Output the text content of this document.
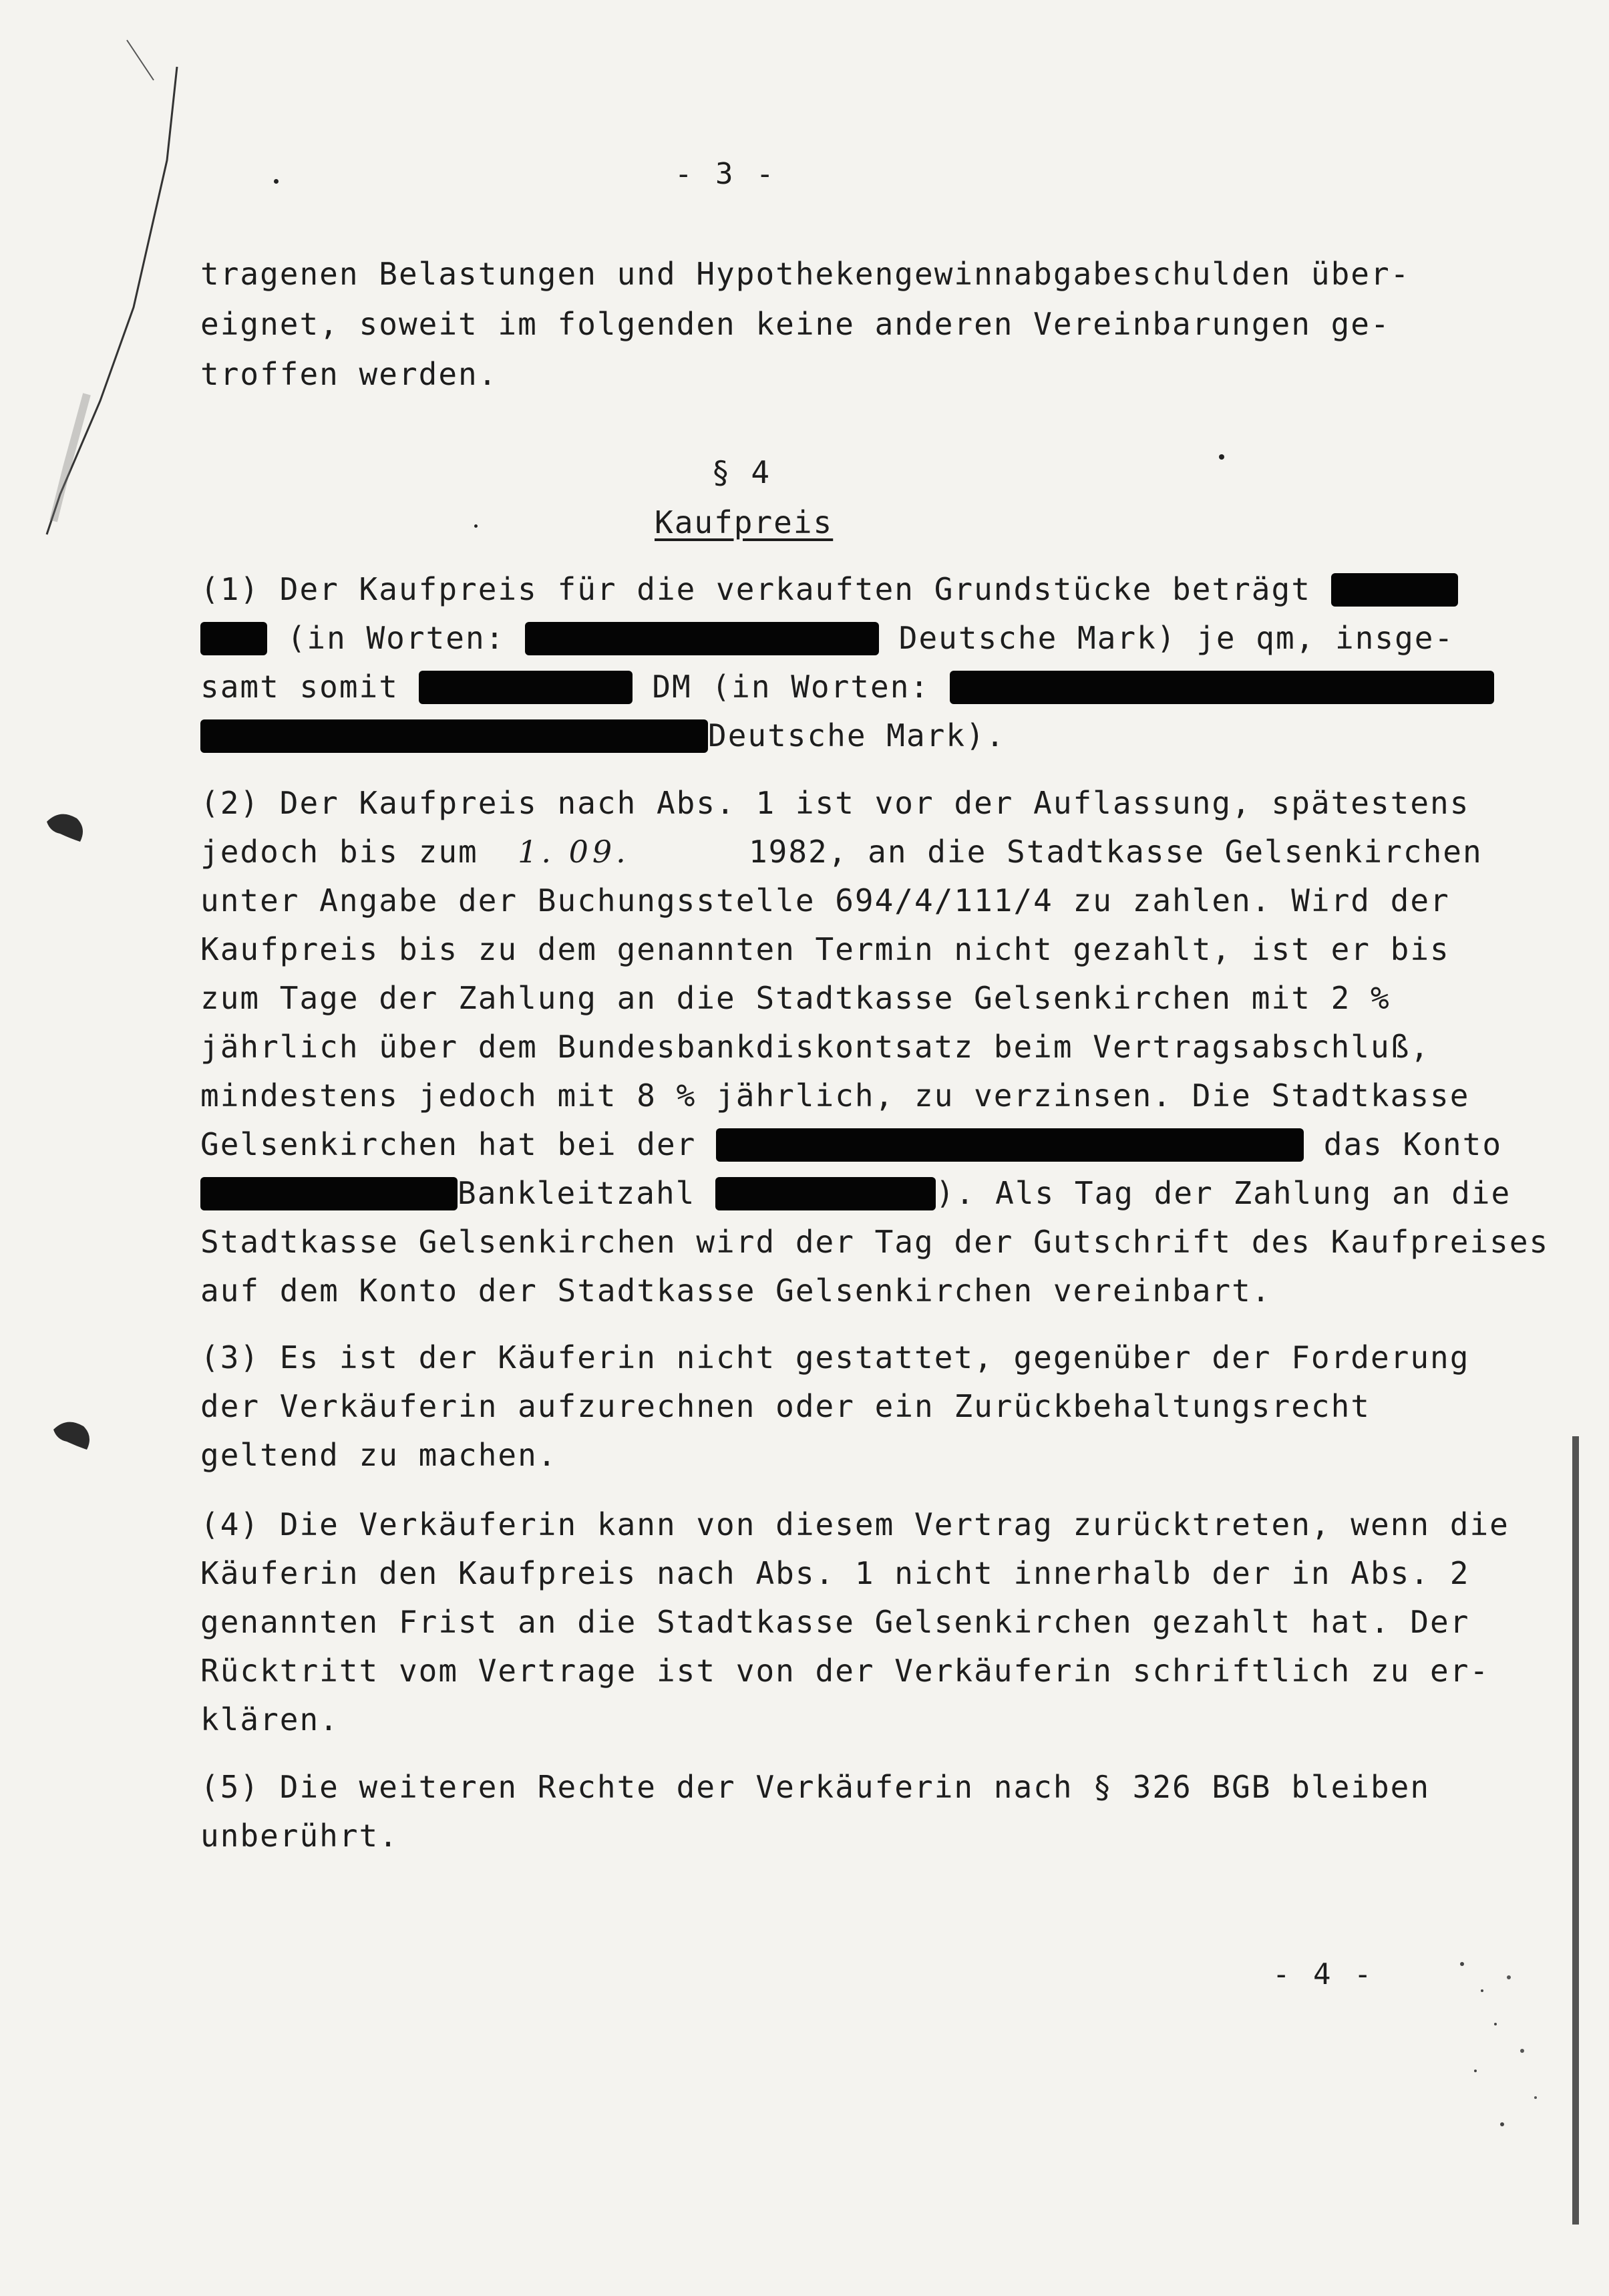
- 3 -
tragenen Belastungen und Hypothekengewinnabgabeschulden über-
eignet, soweit im folgenden keine anderen Vereinbarungen ge-
troffen werden.
§ 4
Kaufpreis
(1) Der Kaufpreis für die verkauften Grundstücke beträgt
(in Worten:	Deutsche Mark) je qm, insge-
samt somit	DM (in Worten:
Deutsche Mark).
(2) Der Kaufpreis nach Abs. 1 ist vor der Auflassung, spätestens
jedoch bis zum 1. 09.	1982, an die Stadtkasse Gelsenkirchen
unter Angabe der Buchungsstelle 694/4/111/4 zu zahlen. Wird der
Kaufpreis bis zu dem genannten Termin nicht gezahlt, ist er bis
zum Tage der Zahlung an die Stadtkasse Gelsenkirchen mit 2 %
jährlich über dem Bundesbankdiskontsatz beim Vertragsabschluß,
mindestens jedoch mit 8 % jährlich, zu verzinsen. Die Stadtkasse
Gelsenkirchen hat bei der	das Konto
Bankleitzahl	). Als Tag der Zahlung an die
Stadtkasse Gelsenkirchen wird der Tag der Gutschrift des Kaufpreises
auf dem Konto der Stadtkasse Gelsenkirchen vereinbart.
(3) Es ist der Käuferin nicht gestattet, gegenüber der Forderung
der Verkäuferin aufzurechnen oder ein Zurückbehaltungsrecht
geltend zu machen.
(4) Die Verkäuferin kann von diesem Vertrag zurücktreten, wenn die
Käuferin den Kaufpreis nach Abs. 1 nicht innerhalb der in Abs. 2
genannten Frist an die Stadtkasse Gelsenkirchen gezahlt hat. Der
Rücktritt vom Vertrage ist von der Verkäuferin schriftlich zu er-
klären.
(5) Die weiteren Rechte der Verkäuferin nach § 326 BGB bleiben
unberührt.
- 4 -
